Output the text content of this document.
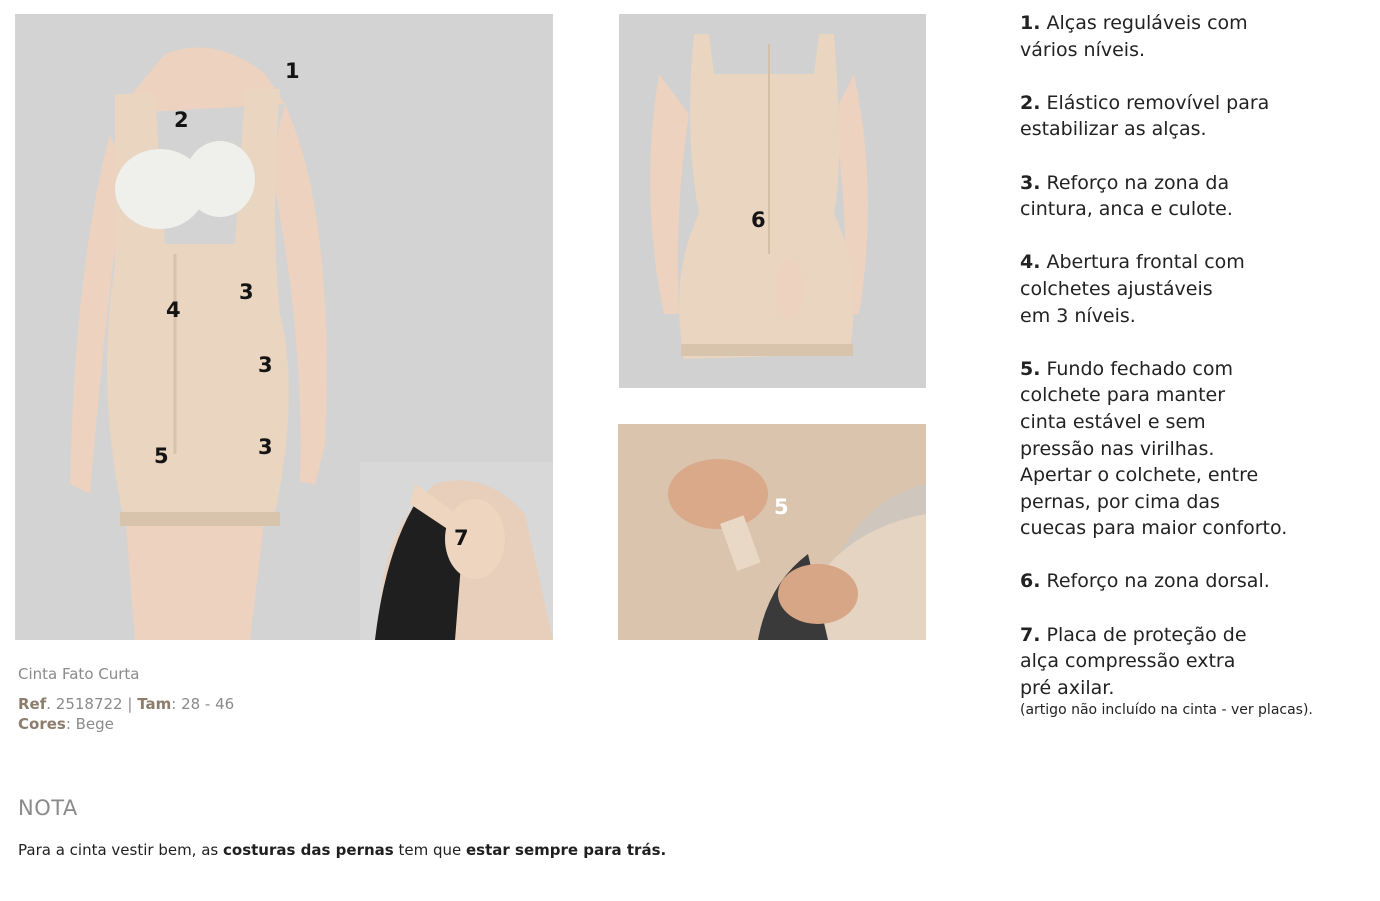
1
2
3
4
3
3
5
7
6
5
Cinta Fato Curta
Ref. 2518722 | Tam: 28 - 46
Cores: Bege
NOTA
Para a cinta vestir bem, as costuras das pernas tem que estar sempre para trás.
1. Alças reguláveis com
vários níveis.
2. Elástico removível para
estabilizar as alças.
3. Reforço na zona da
cintura, anca e culote.
4. Abertura frontal com
colchetes ajustáveis
em 3 níveis.
5. Fundo fechado com
colchete para manter
cinta estável e sem
pressão nas virilhas.
Apertar o colchete, entre
pernas, por cima das
cuecas para maior conforto.
6. Reforço na zona dorsal.
7. Placa de proteção de
alça compressão extra
pré axilar.
(artigo não incluído na cinta - ver placas).
